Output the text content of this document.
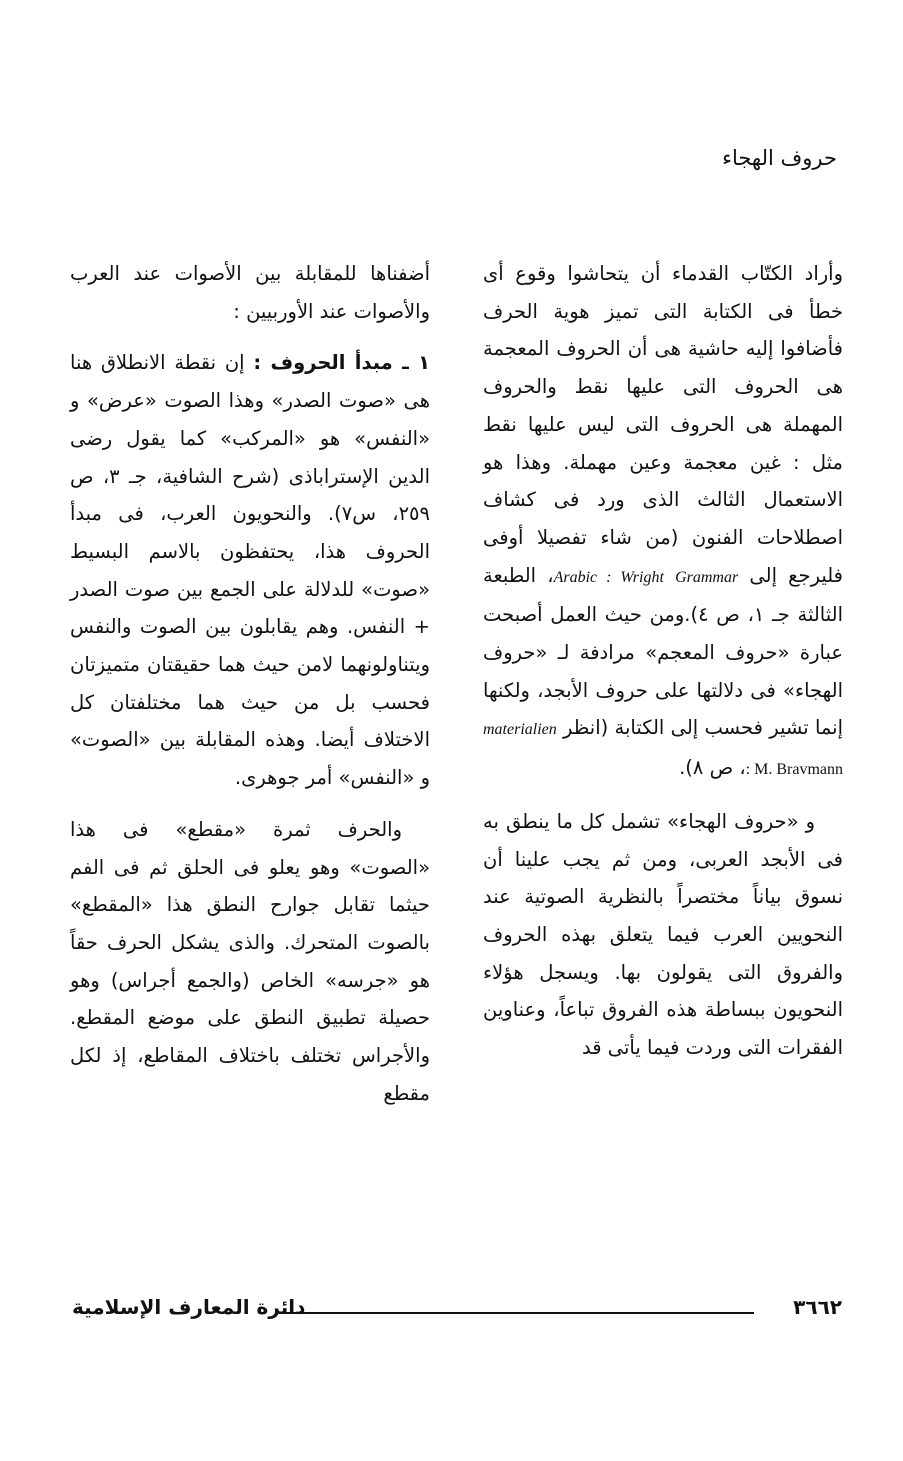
حروف الهجاء

وأراد الكتّاب القدماء أن يتحاشوا وقوع أى خطأ فى الكتابة التى تميز هوية الحرف فأضافوا إليه حاشية هى أن الحروف المعجمة هى الحروف التى عليها نقط والحروف المهملة هى الحروف التى ليس عليها نقط مثل : غين معجمة وعين مهملة. وهذا هو الاستعمال الثالث الذى ورد فى كشاف اصطلاحات الفنون (من شاء تفصيلا أوفى فليرجع إلى Arabic : Wright Grammar، الطبعة الثالثة جـ ١، ص ٤).ومن حيث العمل أصبحت عبارة «حروف المعجم» مرادفة لـ «حروف الهجاء» فى دلالتها على حروف الأبجد، ولكنها إنما تشير فحسب إلى الكتابة (انظر materialien : M. Bravmann، ص ٨).

و «حروف الهجاء» تشمل كل ما ينطق به فى الأبجد العربى، ومن ثم يجب علينا أن نسوق بياناً مختصراً بالنظرية الصوتية عند النحويين العرب فيما يتعلق بهذه الحروف والفروق التى يقولون بها. ويسجل هؤلاء النحويون ببساطة هذه الفروق تباعاً، وعناوين الفقرات التى وردت فيما يأتى قد

أضفناها للمقابلة بين الأصوات عند العرب والأصوات عند الأوربيين :

١ ـ مبدأ الحروف : إن نقطة الانطلاق هنا هى «صوت الصدر» وهذا الصوت «عرض» و «النفس» هو «المركب» كما يقول رضى الدين الإستراباذى (شرح الشافية، جـ ٣، ص ٢٥٩، س٧). والنحويون العرب، فى مبدأ الحروف هذا، يحتفظون بالاسم البسيط «صوت» للدلالة على الجمع بين صوت الصدر + النفس. وهم يقابلون بين الصوت والنفس ويتناولونهما لامن حيث هما حقيقتان متميزتان فحسب بل من حيث هما مختلفتان كل الاختلاف أيضا. وهذه المقابلة بين «الصوت» و «النفس» أمر جوهرى.

والحرف ثمرة «مقطع» فى هذا «الصوت» وهو يعلو فى الحلق ثم فى الفم حيثما تقابل جوارح النطق هذا «المقطع» بالصوت المتحرك. والذى يشكل الحرف حقاً هو «جرسه» الخاص (والجمع أجراس) وهو حصيلة تطبيق النطق على موضع المقطع. والأجراس تختلف باختلاف المقاطع، إذ لكل مقطع

دائرة المعارف الإسلامية	٣٦٦٢
